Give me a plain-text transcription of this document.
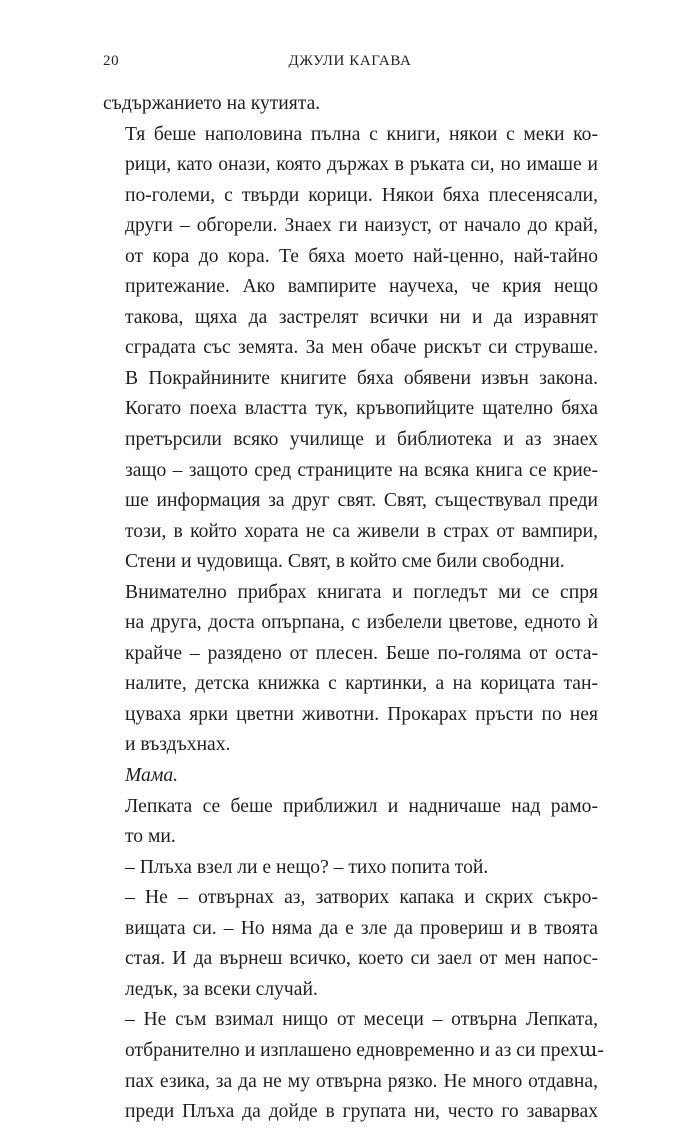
20	ДЖУЛИ КАГАВА

съдържанието на кутията.

Тя беше наполовина пълна с книги, някои с меки ко-
рици, като онази, която държах в ръката си, но имаше и
по-големи, с твърди корици. Някои бяха плесенясали,
други – обгорели. Знаех ги наизуст, от начало до край,
от кора до кора. Те бяха моето най-ценно, най-тайно
притежание. Ако вампирите научеха, че крия нещо
такова, щяха да застрелят всички ни и да изравнят
сградата със земята. За мен обаче рискът си струваше.
В Покрайнините книгите бяха обявени извън закона.
Когато поеха властта тук, кръвопийците щателно бяха
претърсили всяко училище и библиотека и аз знаех
защо – защото сред страниците на всяка книга се крие-
ше информация за друг свят. Свят, съществувал преди
този, в който хората не са живели в страх от вампири,
Стени и чудовища. Свят, в който сме били свободни.

Внимателно прибрах книгата и погледът ми се спря
на друга, доста опърпана, с избелели цветове, едното ѝ
крайче – разядено от плесен. Беше по-голяма от оста-
налите, детска книжка с картинки, а на корицата тан-
цуваха ярки цветни животни. Прокарах пръсти по нея
и въздъхнах.

Мама.

Лепката се беше приближил и надничаше над рамо-
то ми.

– Плъха взел ли е нещо? – тихо попита той.

– Не – отвърнах аз, затворих капака и скрих съкро-
вищата си. – Но няма да е зле да провериш и в твоята
стая. И да върнеш всичко, което си заел от мен напос-
ледък, за всеки случай.

– Не съм взимал нищо от месеци – отвърна Лепката,
отбранително и изплашено едновременно и аз си прехա-
пах езика, за да не му отвърна рязко. Не много отдавна,
преди Плъха да дойде в групата ни, често го заварвах
